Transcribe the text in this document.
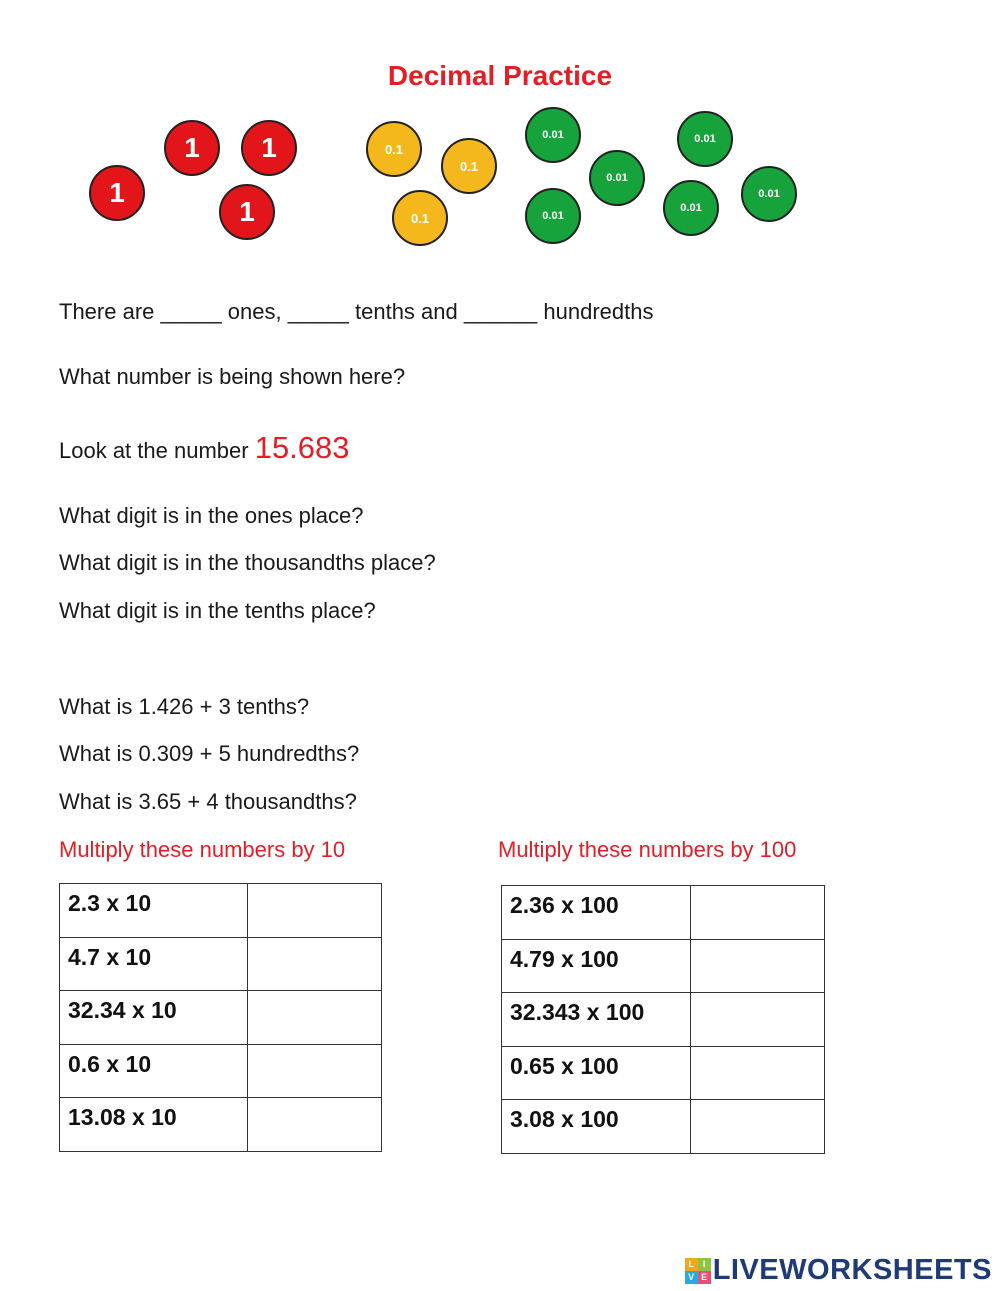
Decimal Practice
1
1	1
1
0.1
0.1
0.1
0.01
0.01
0.01
0.01
0.01
0.01
There are _____ ones, _____ tenths and ______ hundredths
What number is being shown here?
Look at the number 15.683
What digit is in the ones place?
What digit is in the thousandths place?
What digit is in the tenths place?
What is 1.426 + 3 tenths?
What is 0.309 + 5 hundredths?
What is 3.65 + 4 thousandths?
Multiply these numbers by 10	Multiply these numbers by 100
2.3 x 10	
4.7 x 10	
32.34 x 10	
0.6 x 10	
13.08 x 10	
2.36 x 100	
4.79 x 100	
32.343 x 100	
0.65 x 100	
3.08 x 100	
L I
V E LIVEWORKSHEETS
